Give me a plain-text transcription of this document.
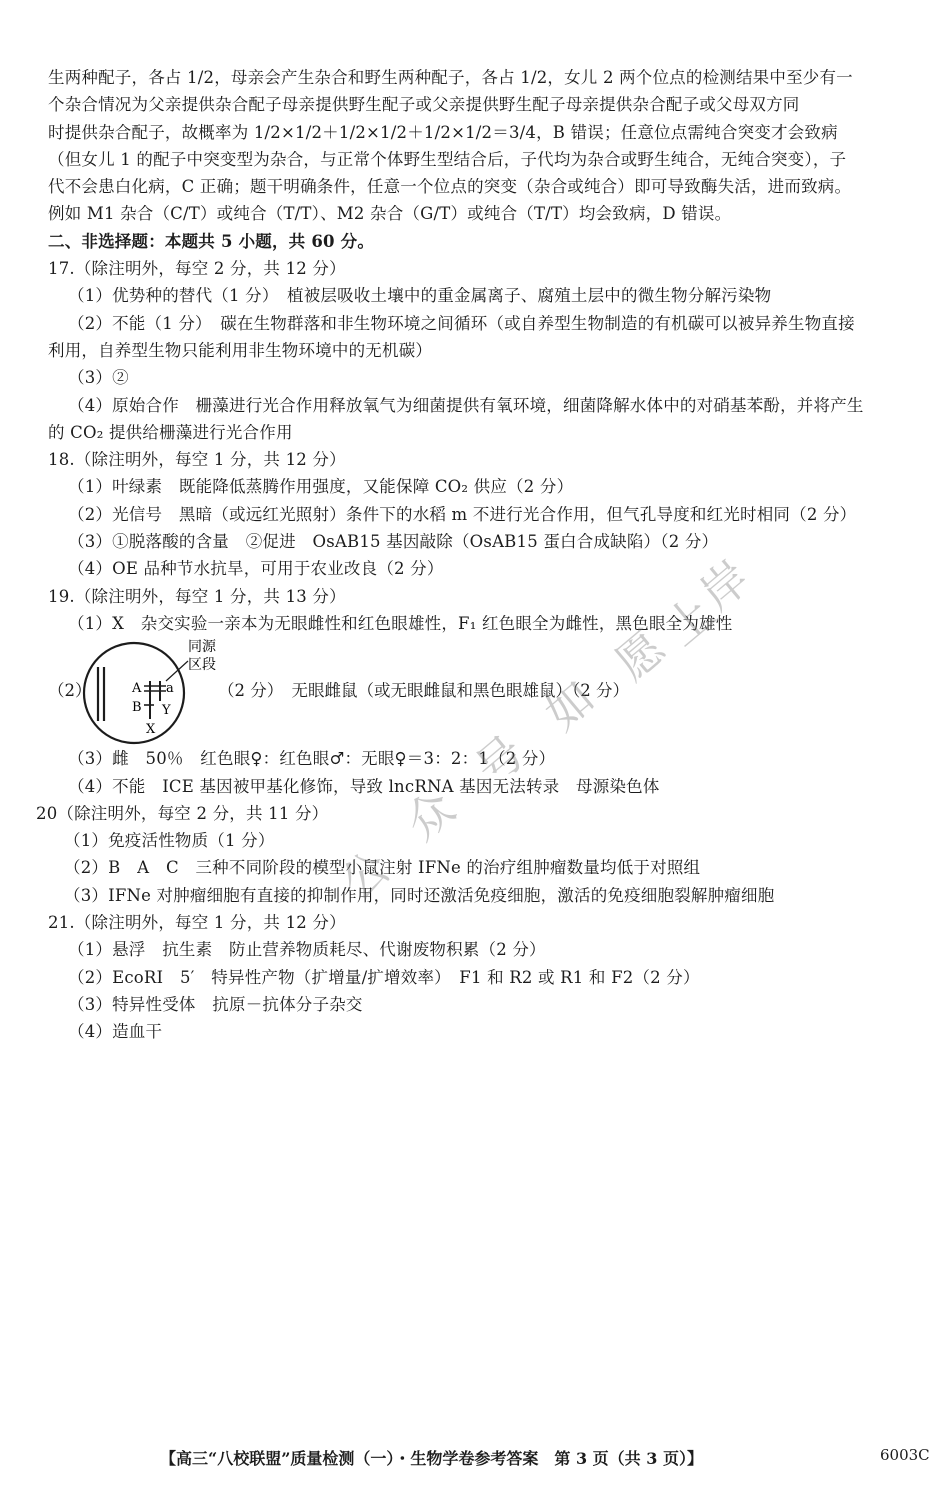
生两种配子，各占 1/2，母亲会产生杂合和野生两种配子，各占 1/2，女儿 2 两个位点的检测结果中至少有一
个杂合情况为父亲提供杂合配子母亲提供野生配子或父亲提供野生配子母亲提供杂合配子或父母双方同
时提供杂合配子，故概率为 1/2×1/2＋1/2×1/2＋1/2×1/2＝3/4，B 错误；任意位点需纯合突变才会致病
（但女儿 1 的配子中突变型为杂合，与正常个体野生型结合后，子代均为杂合或野生纯合，无纯合突变），子
代不会患白化病，C 正确；题干明确条件，任意一个位点的突变（杂合或纯合）即可导致酶失活，进而致病。
例如 M1 杂合（C/T）或纯合（T/T）、M2 杂合（G/T）或纯合（T/T）均会致病，D 错误。
二、非选择题：本题共 5 小题，共 60 分。
17.（除注明外，每空 2 分，共 12 分）
（1）优势种的替代（1 分）　植被层吸收土壤中的重金属离子、腐殖土层中的微生物分解污染物
（2）不能（1 分）　碳在生物群落和非生物环境之间循环（或自养型生物制造的有机碳可以被异养生物直接
利用，自养型生物只能利用非生物环境中的无机碳）
（3）②
（4）原始合作　栅藻进行光合作用释放氧气为细菌提供有氧环境，细菌降解水体中的对硝基苯酚，并将产生
的 CO₂ 提供给栅藻进行光合作用
18.（除注明外，每空 1 分，共 12 分）
（1）叶绿素　既能降低蒸腾作用强度，又能保障 CO₂ 供应（2 分）
（2）光信号　黑暗（或远红光照射）条件下的水稻 m 不进行光合作用，但气孔导度和红光时相同（2 分）
（3）①脱落酸的含量　②促进　OsAB15 基因敲除（OsAB15 蛋白合成缺陷）（2 分）
（4）OE 品种节水抗旱，可用于农业改良（2 分）
19.（除注明外，每空 1 分，共 13 分）
（1）X　杂交实验一亲本为无眼雌性和红色眼雄性，F₁ 红色眼全为雌性，黑色眼全为雄性
（2）
同源
区段
A a
B Y
X
（2 分）　无眼雌鼠（或无眼雌鼠和黑色眼雄鼠）（2 分）
（3）雌　50％　红色眼♀：红色眼♂：无眼♀＝3：2：1（2 分）
（4）不能　ICE 基因被甲基化修饰，导致 lncRNA 基因无法转录　母源染色体
20（除注明外，每空 2 分，共 11 分）
（1）免疫活性物质（1 分）
（2）B　A　C　三种不同阶段的模型小鼠注射 IFNe 的治疗组肿瘤数量均低于对照组
（3）IFNe 对肿瘤细胞有直接的抑制作用，同时还激活免疫细胞，激活的免疫细胞裂解肿瘤细胞
21.（除注明外，每空 1 分，共 12 分）
（1）悬浮　抗生素　防止营养物质耗尽、代谢废物积累（2 分）
（2）EcoRI　5′　特异性产物（扩增量/扩增效率）　F1 和 R2 或 R1 和 F2（2 分）
（3）特异性受体　抗原－抗体分子杂交
（4）造血干
公
众
号
如
愿
上
岸
【高三“八校联盟”质量检测（一）・生物学卷参考答案　第 3 页（共 3 页）】	6003C
